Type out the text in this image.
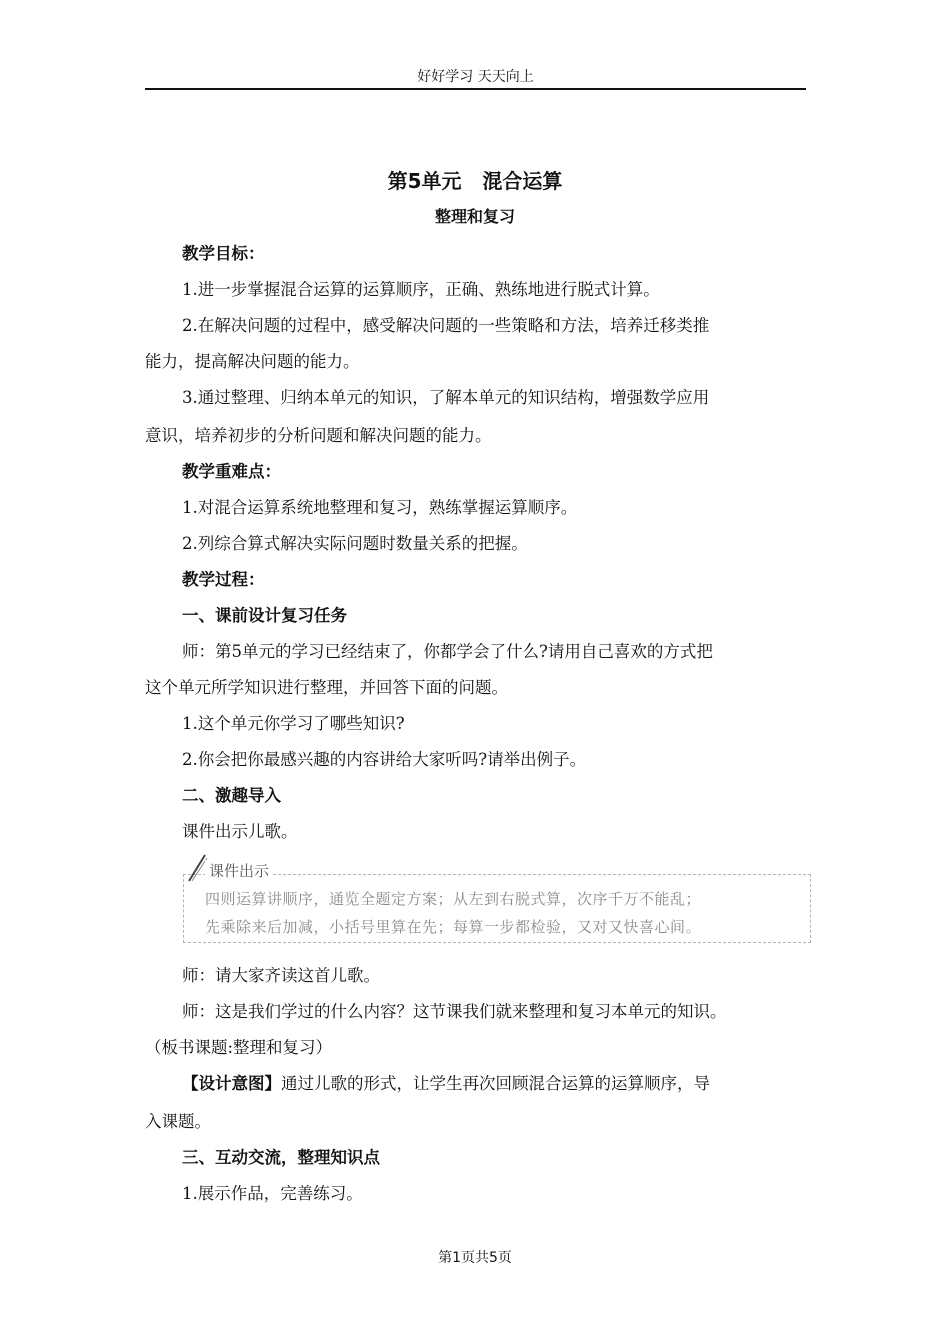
好好学习 天天向上
第5单元   混合运算
整理和复习
教学目标：
1.进一步掌握混合运算的运算顺序，正确、熟练地进行脱式计算。
2.在解决问题的过程中，感受解决问题的一些策略和方法，培养迁移类推
能力，提高解决问题的能力。
3.通过整理、归纳本单元的知识，了解本单元的知识结构，增强数学应用
意识，培养初步的分析问题和解决问题的能力。
教学重难点：
1.对混合运算系统地整理和复习，熟练掌握运算顺序。
2.列综合算式解决实际问题时数量关系的把握。
教学过程：
一、课前设计复习任务
师：第5单元的学习已经结束了，你都学会了什么?请用自己喜欢的方式把
这个单元所学知识进行整理，并回答下面的问题。
1.这个单元你学习了哪些知识?
2.你会把你最感兴趣的内容讲给大家听吗?请举出例子。
二、激趣导入
课件出示儿歌。
课件出示
四则运算讲顺序，通览全题定方案；从左到右脱式算，次序千万不能乱；
先乘除来后加减，小括号里算在先；每算一步都检验，又对又快喜心间。
师：请大家齐读这首儿歌。
师：这是我们学过的什么内容？这节课我们就来整理和复习本单元的知识。
（板书课题:整理和复习）
【设计意图】通过儿歌的形式，让学生再次回顾混合运算的运算顺序，导
入课题。
三、互动交流，整理知识点
1.展示作品，完善练习。
第1页共5页
